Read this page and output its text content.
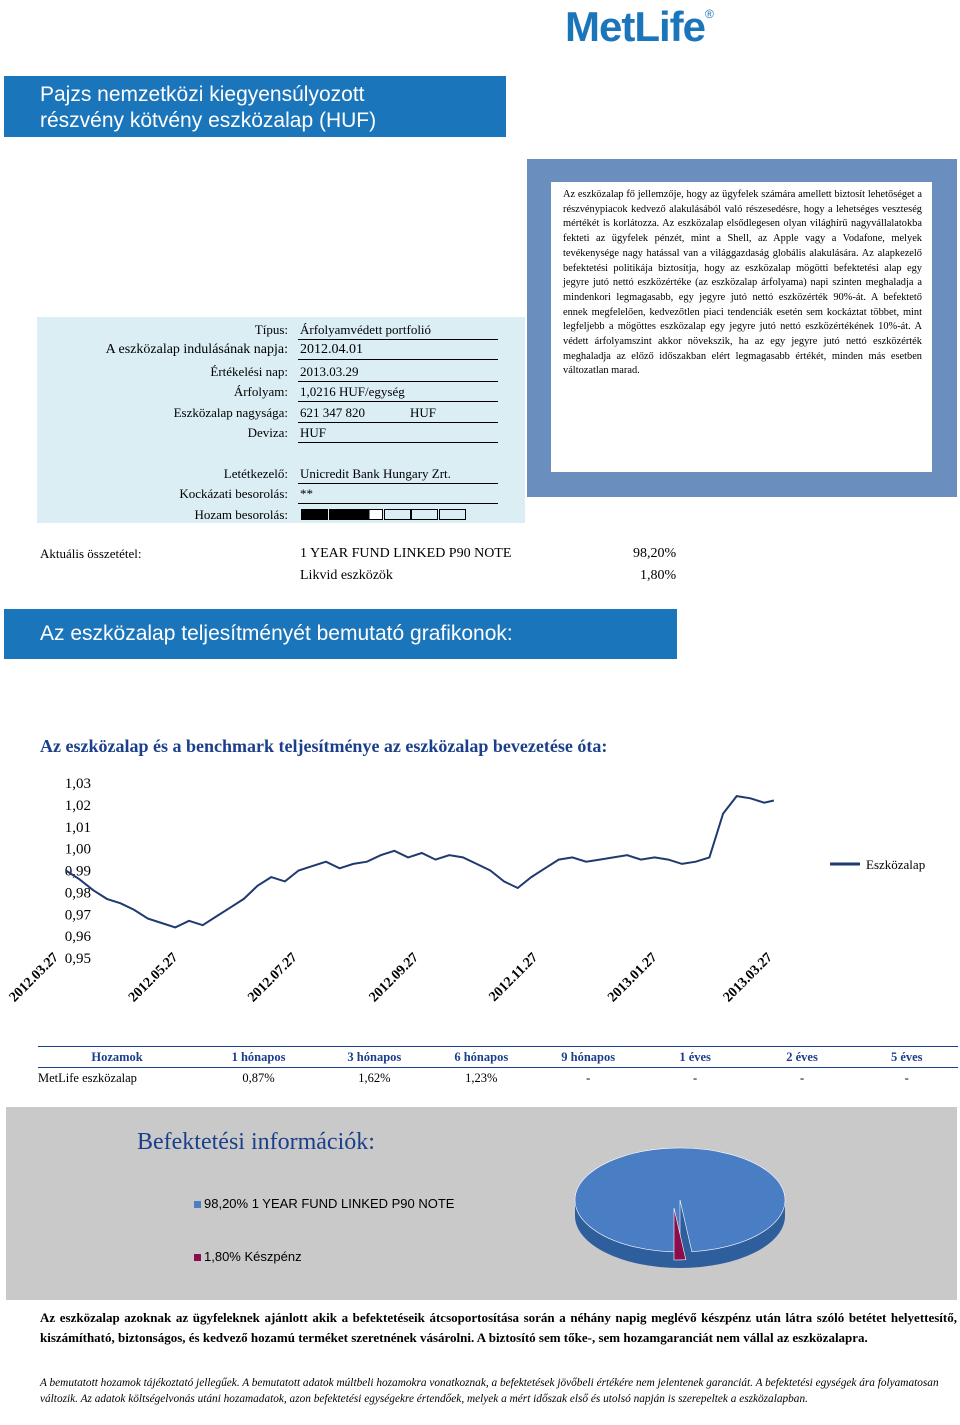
MetLife®
Pajzs nemzetközi kiegyensúlyozott
részvény kötvény eszközalap (HUF)
Típus: Árfolyamvédett portfolió
A eszközalap indulásának napja: 2012.04.01
Értékelési nap: 2013.03.29
Árfolyam: 1,0216 HUF/egység
Eszközalap nagysága: 621 347 820	HUF
Deviza: HUF
Letétkezelő: Unicredit Bank Hungary Zrt.
Kockázati besorolás: **
Hozam besorolás:
Az eszközalap fő jellemzője, hogy az ügyfelek számára amellett biztosít lehetőséget a részvénypiacok kedvező alakulásából való részesedésre, hogy a lehetséges veszteség mértékét is korlátozza. Az eszközalap elsődlegesen olyan világhírű nagyvállalatokba fekteti az ügyfelek pénzét, mint a Shell, az Apple vagy a Vodafone, melyek tevékenysége nagy hatással van a világgazdaság globális alakulására. Az alapkezelő befektetési politikája biztosítja, hogy az eszközalap mögötti befektetési alap egy jegyre jutó nettó eszközértéke (az eszközalap árfolyama) napi szinten meghaladja a mindenkori legmagasabb, egy jegyre jutó nettó eszközérték 90%-át. A befektető ennek megfelelően, kedvezőtlen piaci tendenciák esetén sem kockáztat többet, mint legfeljebb a mögöttes eszközalap egy jegyre jutó nettó eszközértékének 10%-át. A védett árfolyamszint akkor növekszik, ha az egy jegyre jutó nettó eszközérték meghaladja az előző időszakban elért legmagasabb értékét, minden más esetben változatlan marad.
Aktuális összetétel:	1 YEAR FUND LINKED P90 NOTE	98,20%
Likvid eszközök	1,80%
Az eszközalap teljesítményét bemutató grafikonok:
Az eszközalap és a benchmark teljesítménye az eszközalap bevezetése óta:
1,03
1,02
1,01
1,00
0,99
0,98
0,97
0,96
0,95
2012.03.27	2012.05.27	2012.07.27	2012.09.27	2012.11.27	2013.01.27	2013.03.27
Eszközalap
Hozamok	1 hónapos	3 hónapos	6 hónapos	9 hónapos	1 éves	2 éves	5 éves
MetLife eszközalap	0,87%	1,62%	1,23%	-	-	-	-
Befektetési információk:
98,20% 1 YEAR FUND LINKED P90 NOTE
1,80% Készpénz
Az eszközalap azoknak az ügyfeleknek ajánlott akik a befektetéseik átcsoportosítása során a néhány napig meglévő készpénz után látra szóló betétet helyettesítő, kiszámítható, biztonságos, és kedvező hozamú terméket szeretnének vásárolni. A biztosító sem tőke-, sem hozamgaranciát nem vállal az eszközalapra.
A bemutatott hozamok tájékoztató jellegűek. A bemutatott adatok múltbeli hozamokra vonatkoznak, a befektetések jövőbeli értékére nem jelentenek garanciát. A befektetési egységek ára folyamatosan változik. Az adatok költségelvonás utáni hozamadatok, azon befektetési egységekre értendőek, melyek a mért időszak első és utolsó napján is szerepeltek a eszközalapban.
